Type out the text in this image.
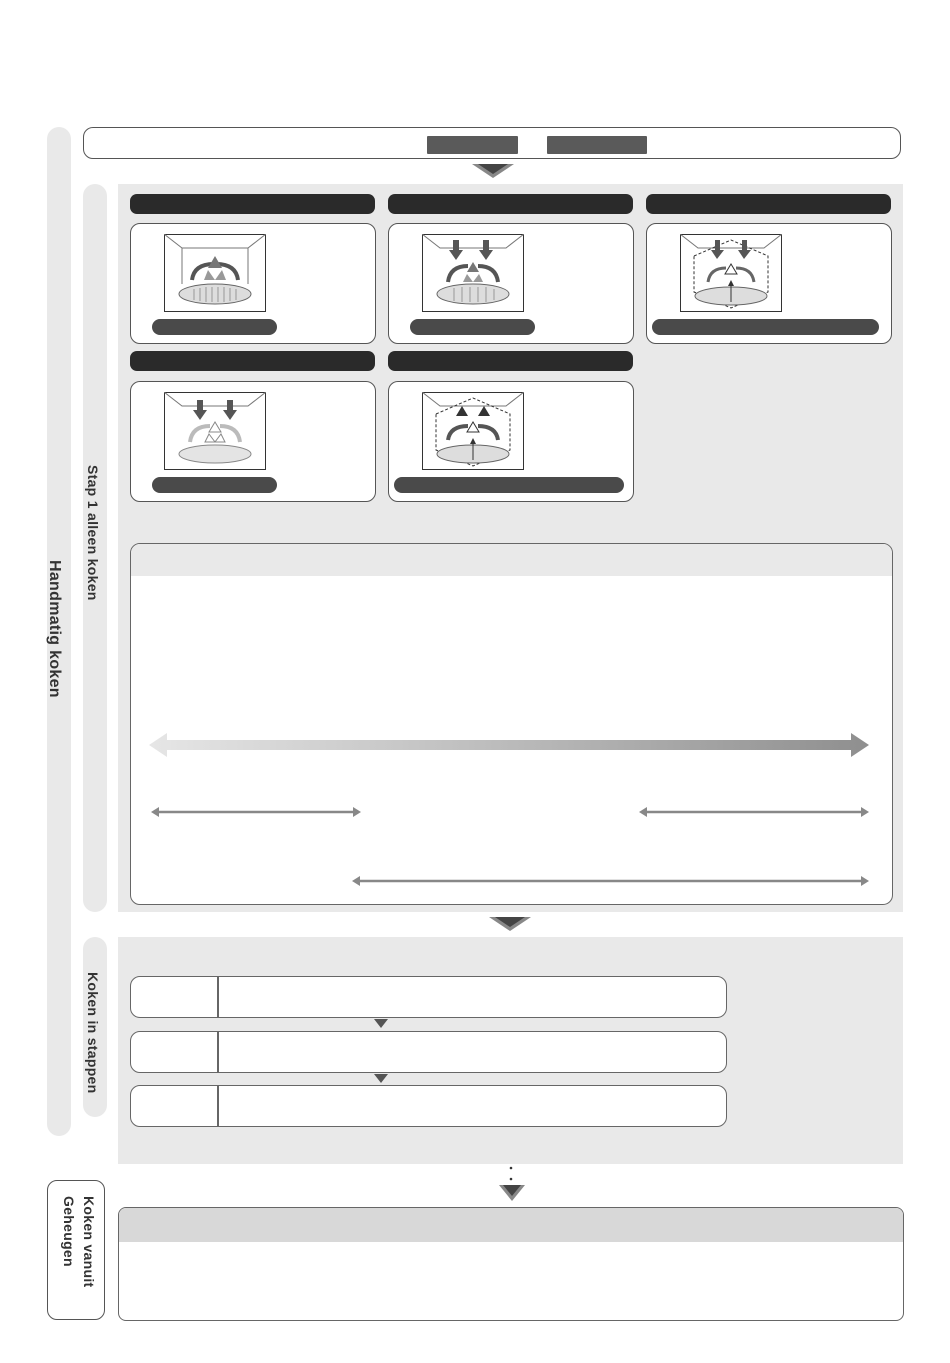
Handmatig koken
Stap 1 alleen koken
Koken in stappen
Koken vanuit Geheugen
